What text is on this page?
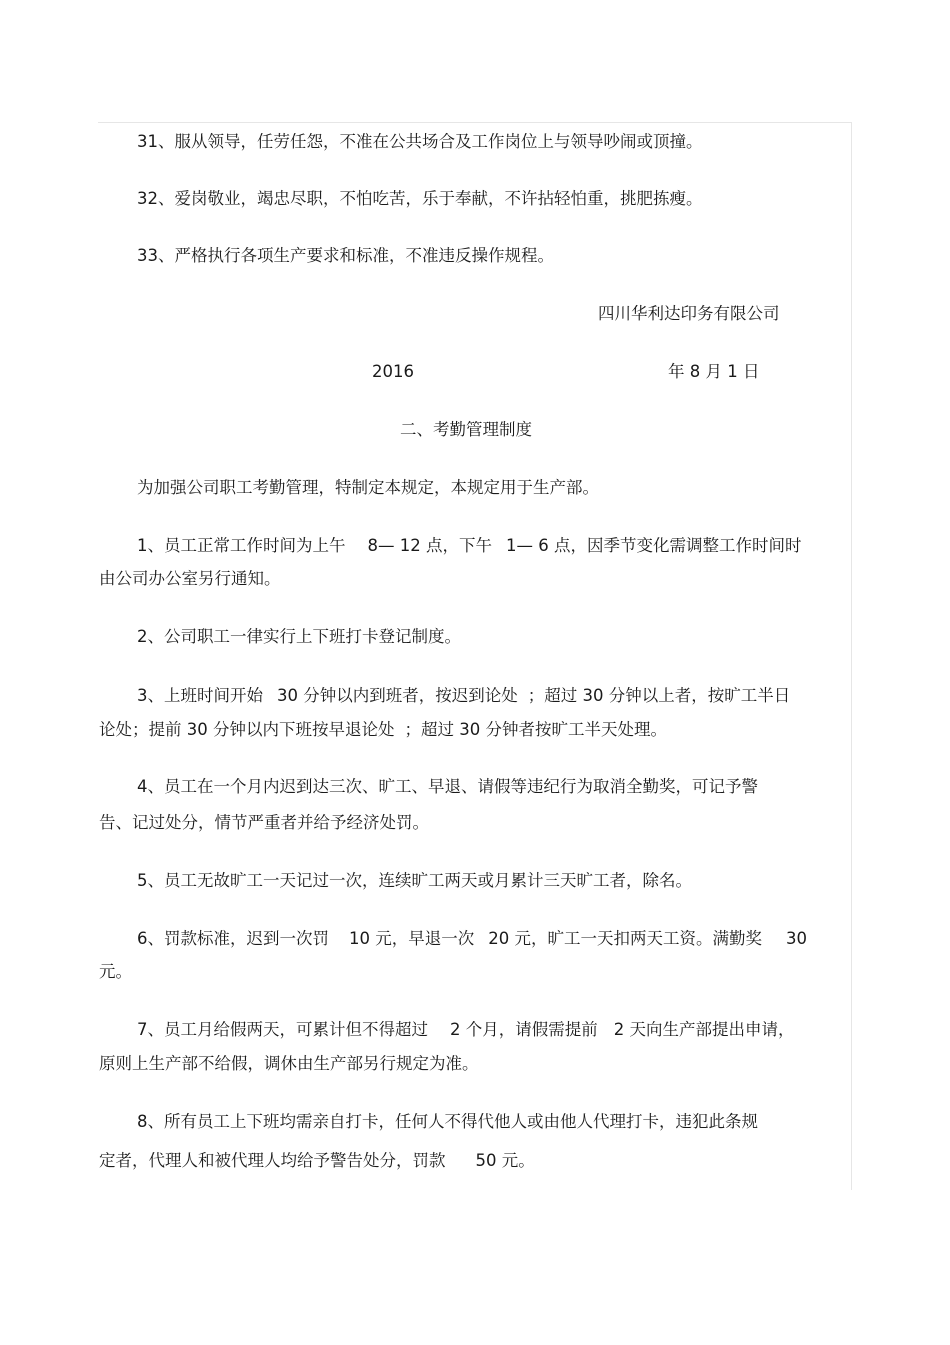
31、服从领导，任劳任怨，不准在公共场合及工作岗位上与领导吵闹或顶撞。

32、爱岗敬业，竭忠尽职，不怕吃苦，乐于奉献，不许拈轻怕重，挑肥拣瘦。

33、严格执行各项生产要求和标准，不准违反操作规程。

四川华利达印务有限公司

2016	年 8 月 1 日

二、考勤管理制度

为加强公司职工考勤管理，特制定本规定，本规定用于生产部。

1、员工正常工作时间为上午 8— 12 点，下午 1— 6 点，因季节变化需调整工作时间时

由公司办公室另行通知。

2、公司职工一律实行上下班打卡登记制度。

3、上班时间开始 30 分钟以内到班者，按迟到论处 ；超过 30 分钟以上者，按旷工半日
论处；提前 30 分钟以内下班按早退论处 ；超过 30 分钟者按旷工半天处理。

4、员工在一个月内迟到达三次、旷工、早退、请假等违纪行为取消全勤奖，可记予警

告、记过处分，情节严重者并给予经济处罚。

5、员工无故旷工一天记过一次，连续旷工两天或月累计三天旷工者，除名。

6、罚款标准，迟到一次罚 10 元，早退一次 20 元，旷工一天扣两天工资。满勤奖 30

元。

7、员工月给假两天，可累计但不得超过 2 个月，请假需提前 2 天向生产部提出申请，

原则上生产部不给假，调休由生产部另行规定为准。

8、所有员工上下班均需亲自打卡，任何人不得代他人或由他人代理打卡，违犯此条规

定者，代理人和被代理人均给予警告处分，罚款 50 元。
